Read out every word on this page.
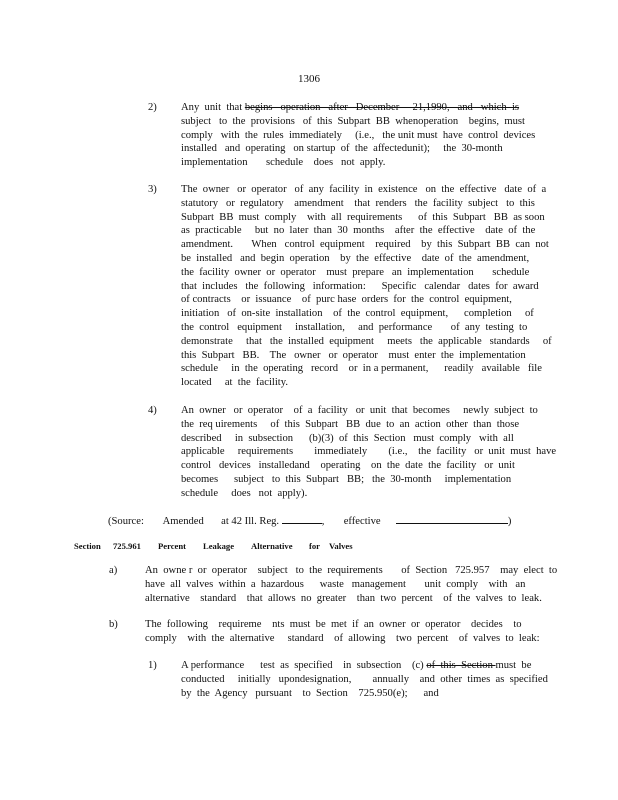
1306
2) Any  unit  that begins   operation   after   December     21,1990,   and   which  is
subject   to  the  provisions   of  this  Subpart  BB  whenoperation    begins,  must
comply   with  the  rules  immediately     (i.e.,   the unit must  have  control  devices
installed   and  operating   on startup  of  the  affectedunit);     the  30-month
implementation       schedule    does   not  apply.
3) The  owner   or  operator   of  any  facility  in  existence   on  the  effective   date  of  a
statutory   or  regulatory    amendment    that  renders   the  facility  subject   to  this
Subpart  BB  must  comply    with  all  requirements      of  this  Subpart   BB  as soon
as  practicable     but  no  later  than  30  months    after  the  effective    date  of  the
amendment.       When   control  equipment    required    by  this  Subpart  BB  can  not
be  installed   and  begin  operation    by  the  effective    date  of  the  amendment,
the  facility  owner  or  operator    must  prepare   an  implementation       schedule
that  includes   the  following   information:      Specific   calendar   dates  for  award
of contracts    or  issuance    of  purc hase  orders  for  the  control  equipment,
initiation   of  on-site  installation    of  the  control  equipment,      completion     of
the  control   equipment     installation,     and  performance       of  any  testing  to
demonstrate     that   the  installed  equipment     meets   the  applicable   standards     of
this  Subpart   BB.    The   owner   or  operator    must  enter  the  implementation
schedule     in  the  operating   record    or  in a permanent,      readily   available   file
located     at  the  facility.
4) An  owner   or  operator    of  a  facility   or  unit  that  becomes     newly  subject  to
the  req uirements     of  this  Subpart   BB  due  to  an  action  other  than  those
described     in  subsection      (b)(3)  of  this  Section   must  comply   with  all
applicable     requirements        immediately        (i.e.,    the  facility   or  unit  must  have
control   devices   installedand    operating    on  the  date  the  facility   or  unit
becomes      subject   to  this  Subpart   BB;   the  30-month     implementation
schedule     does   not  apply).
(Source: Amended at 42 Ill. Reg.	, effective	)
Section 725.961 Percent Leakage Alternative for Valves
a)	An  owne r  or  operator    subject   to  the  requirements       of  Section   725.957    may  elect  to
have  all  valves  within  a  hazardous      waste   management       unit  comply    with   an
alternative    standard    that  allows  no  greater    than  two  percent    of  the  valves  to  leak.
b)	The  following    requireme    nts  must  be  met  if  an  owner  or  operator    decides    to
comply    with  the  alternative     standard    of  allowing    two  percent    of  valves  to  leak:
1) A performance      test  as  specified    in  subsection    (c) of  this  Section must  be
conducted     initially   upondesignation,        annually    and  other  times  as  specified
by  the  Agency   pursuant    to  Section    725.950(e);      and
